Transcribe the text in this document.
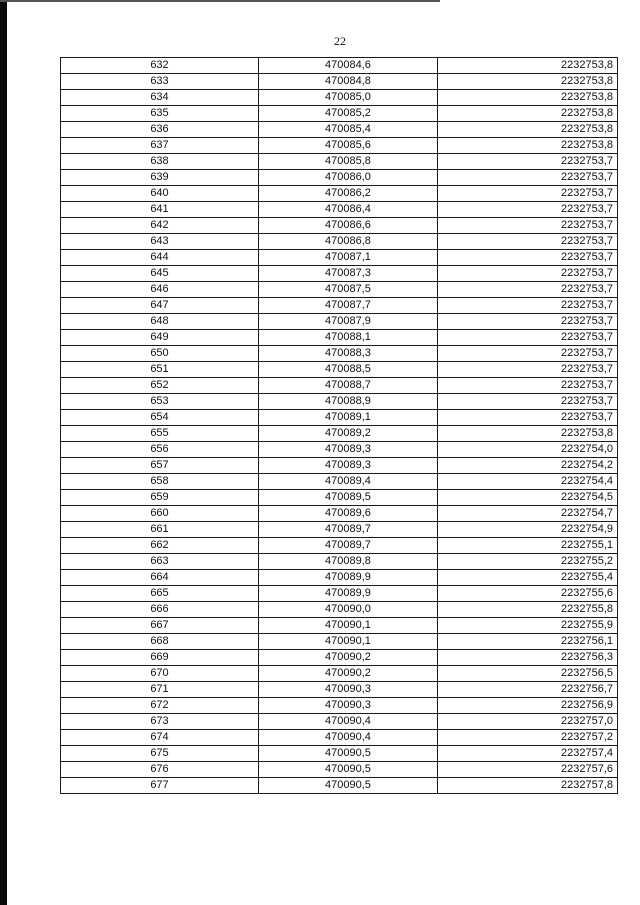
22
632	470084,6	2232753,8
633	470084,8	2232753,8
634	470085,0	2232753,8
635	470085,2	2232753,8
636	470085,4	2232753,8
637	470085,6	2232753,8
638	470085,8	2232753,7
639	470086,0	2232753,7
640	470086,2	2232753,7
641	470086,4	2232753,7
642	470086,6	2232753,7
643	470086,8	2232753,7
644	470087,1	2232753,7
645	470087,3	2232753,7
646	470087,5	2232753,7
647	470087,7	2232753,7
648	470087,9	2232753,7
649	470088,1	2232753,7
650	470088,3	2232753,7
651	470088,5	2232753,7
652	470088,7	2232753,7
653	470088,9	2232753,7
654	470089,1	2232753,7
655	470089,2	2232753,8
656	470089,3	2232754,0
657	470089,3	2232754,2
658	470089,4	2232754,4
659	470089,5	2232754,5
660	470089,6	2232754,7
661	470089,7	2232754,9
662	470089,7	2232755,1
663	470089,8	2232755,2
664	470089,9	2232755,4
665	470089,9	2232755,6
666	470090,0	2232755,8
667	470090,1	2232755,9
668	470090,1	2232756,1
669	470090,2	2232756,3
670	470090,2	2232756,5
671	470090,3	2232756,7
672	470090,3	2232756,9
673	470090,4	2232757,0
674	470090,4	2232757,2
675	470090,5	2232757,4
676	470090,5	2232757,6
677	470090,5	2232757,8
